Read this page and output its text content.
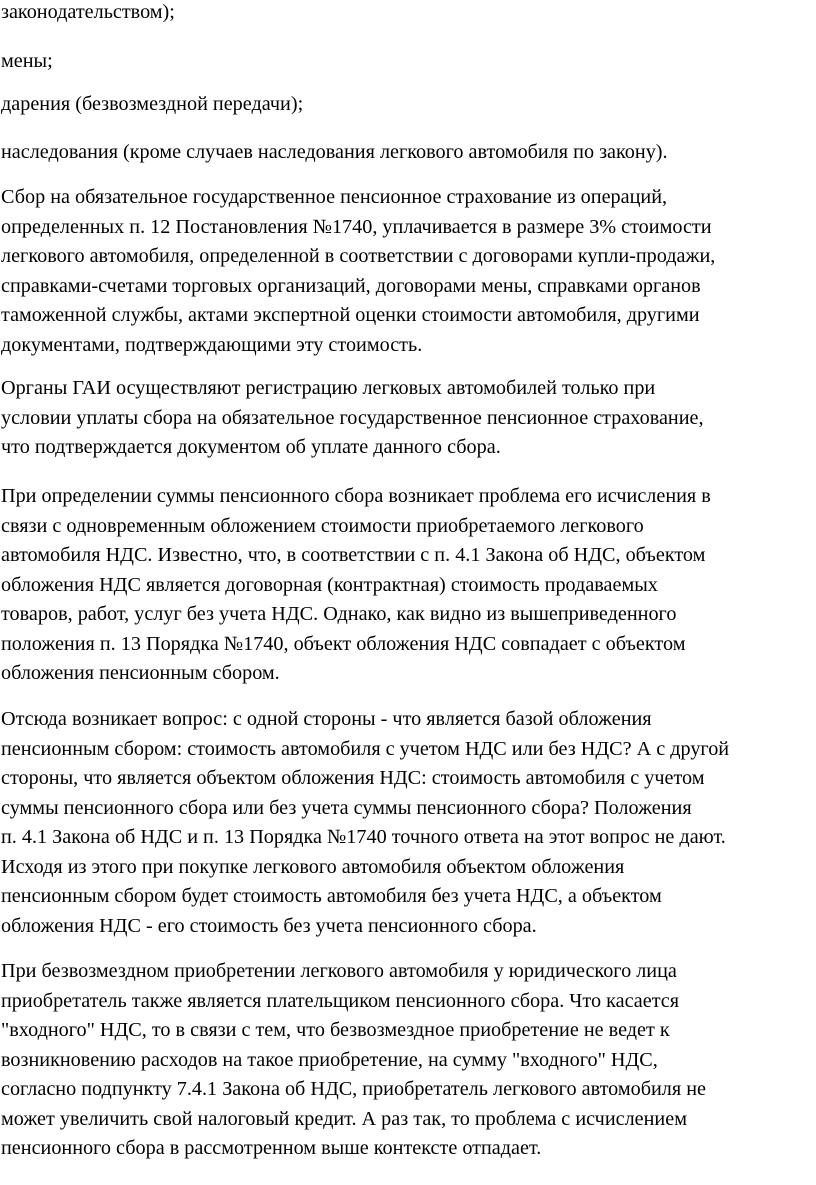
законодательством);

мены;

дарения (безвозмездной передачи);

наследования (кроме случаев наследования легкового автомобиля по закону).

Сбор на обязательное государственное пенсионное страхование из операций,
определенных п. 12 Постановления №1740, уплачивается в размере 3% стоимости
легкового автомобиля, определенной в соответствии с договорами купли-продажи,
справками-счетами торговых организаций, договорами мены, справками органов
таможенной службы, актами экспертной оценки стоимости автомобиля, другими
документами, подтверждающими эту стоимость.

Органы ГАИ осуществляют регистрацию легковых автомобилей только при
условии уплаты сбора на обязательное государственное пенсионное страхование,
что подтверждается документом об уплате данного сбора.

При определении суммы пенсионного сбора возникает проблема его исчисления в
связи с одновременным обложением стоимости приобретаемого легкового
автомобиля НДС. Известно, что, в соответствии с п. 4.1 Закона об НДС, объектом
обложения НДС является договорная (контрактная) стоимость продаваемых
товаров, работ, услуг без учета НДС. Однако, как видно из вышеприведенного
положения п. 13 Порядка №1740, объект обложения НДС совпадает с объектом
обложения пенсионным сбором.

Отсюда возникает вопрос: с одной стороны - что является базой обложения
пенсионным сбором: стоимость автомобиля с учетом НДС или без НДС? А с другой
стороны, что является объектом обложения НДС: стоимость автомобиля с учетом
суммы пенсионного сбора или без учета суммы пенсионного сбора? Положения
п. 4.1 Закона об НДС и п. 13 Порядка №1740 точного ответа на этот вопрос не дают.
Исходя из этого при покупке легкового автомобиля объектом обложения
пенсионным сбором будет стоимость автомобиля без учета НДС, а объектом
обложения НДС - его стоимость без учета пенсионного сбора.

При безвозмездном приобретении легкового автомобиля у юридического лица
приобретатель также является плательщиком пенсионного сбора. Что касается
"входного" НДС, то в связи с тем, что безвозмездное приобретение не ведет к
возникновению расходов на такое приобретение, на сумму "входного" НДС,
согласно подпункту 7.4.1 Закона об НДС, приобретатель легкового автомобиля не
может увеличить свой налоговый кредит. А раз так, то проблема с исчислением
пенсионного сбора в рассмотренном выше контексте отпадает.
